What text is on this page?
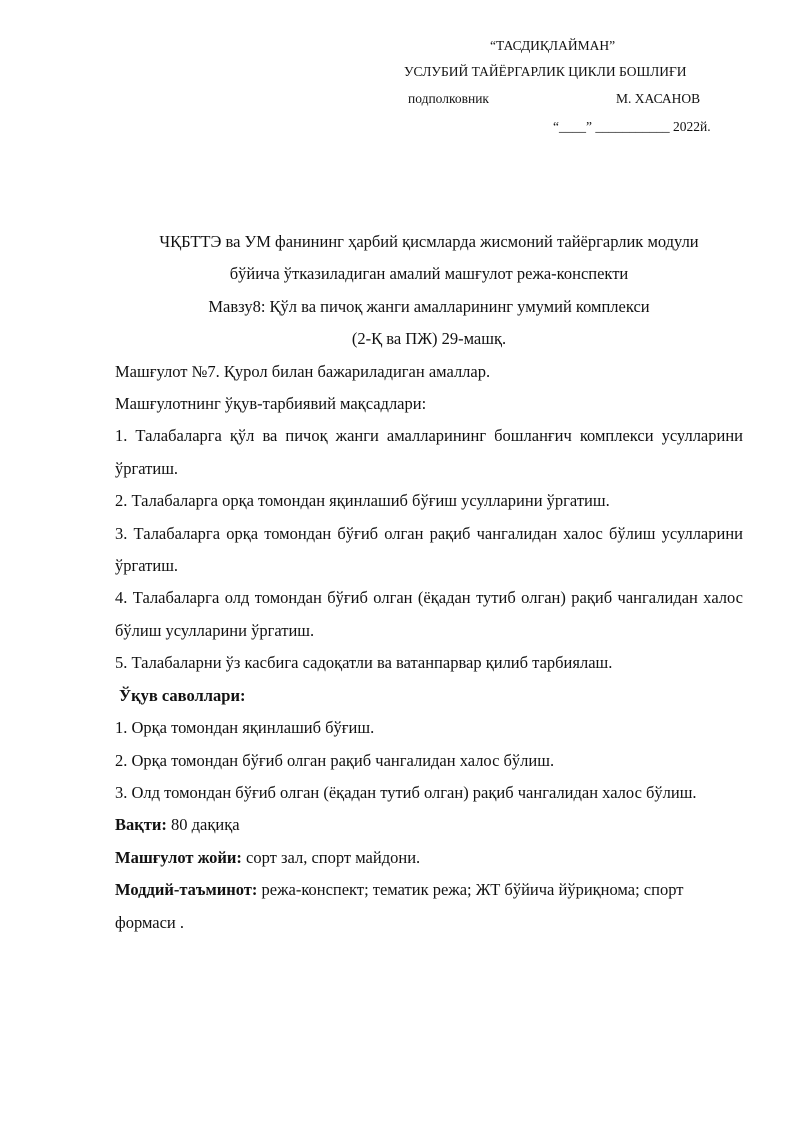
“ТАСДИҚЛАЙМАН”
УСЛУБИЙ ТАЙЁРГАРЛИК ЦИКЛИ БОШЛИҒИ
подполковник	М. ХАСАНОВ
“____” ___________ 2022й.

ЧҚБТТЭ ва УМ фанининг ҳарбий қисмларда жисмоний тайёргарлик модули

бўйича ўтказиладиган амалий машғулот режа-конспекти

Мавзу8: Қўл ва пичоқ жанги амалларининг умумий комплекси

(2-Қ ва ПЖ) 29-машқ.

Машғулот №7. Қурол билан бажариладиган амаллар.

Машғулотнинг ўқув-тарбиявий мақсадлари:

1. Талабаларга қўл ва пичоқ жанги амалларининг бошланғич комплекси усулларини ўргатиш.

2. Талабаларга орқа томондан яқинлашиб бўғиш усулларини ўргатиш.

3. Талабаларга орқа томондан бўғиб олган рақиб чангалидан халос бўлиш усулларини ўргатиш.

4. Талабаларга олд томондан бўғиб олган (ёқадан тутиб олган) рақиб чангалидан халос бўлиш усулларини ўргатиш.

5. Талабаларни ўз касбига садоқатли ва ватанпарвар қилиб тарбиялаш.

Ўқув саволлари:

1. Орқа томондан яқинлашиб бўғиш.

2. Орқа томондан бўғиб олган рақиб чангалидан халос бўлиш.

3. Олд томондан бўғиб олган (ёқадан тутиб олган) рақиб чангалидан халос бўлиш.

Вақти: 80 дақиқа

Машғулот жойи: сорт зал, спорт майдони.

Моддий-таъминот: режа-конспект; тематик режа; ЖТ бўйича йўриқнома; спорт формаси .
